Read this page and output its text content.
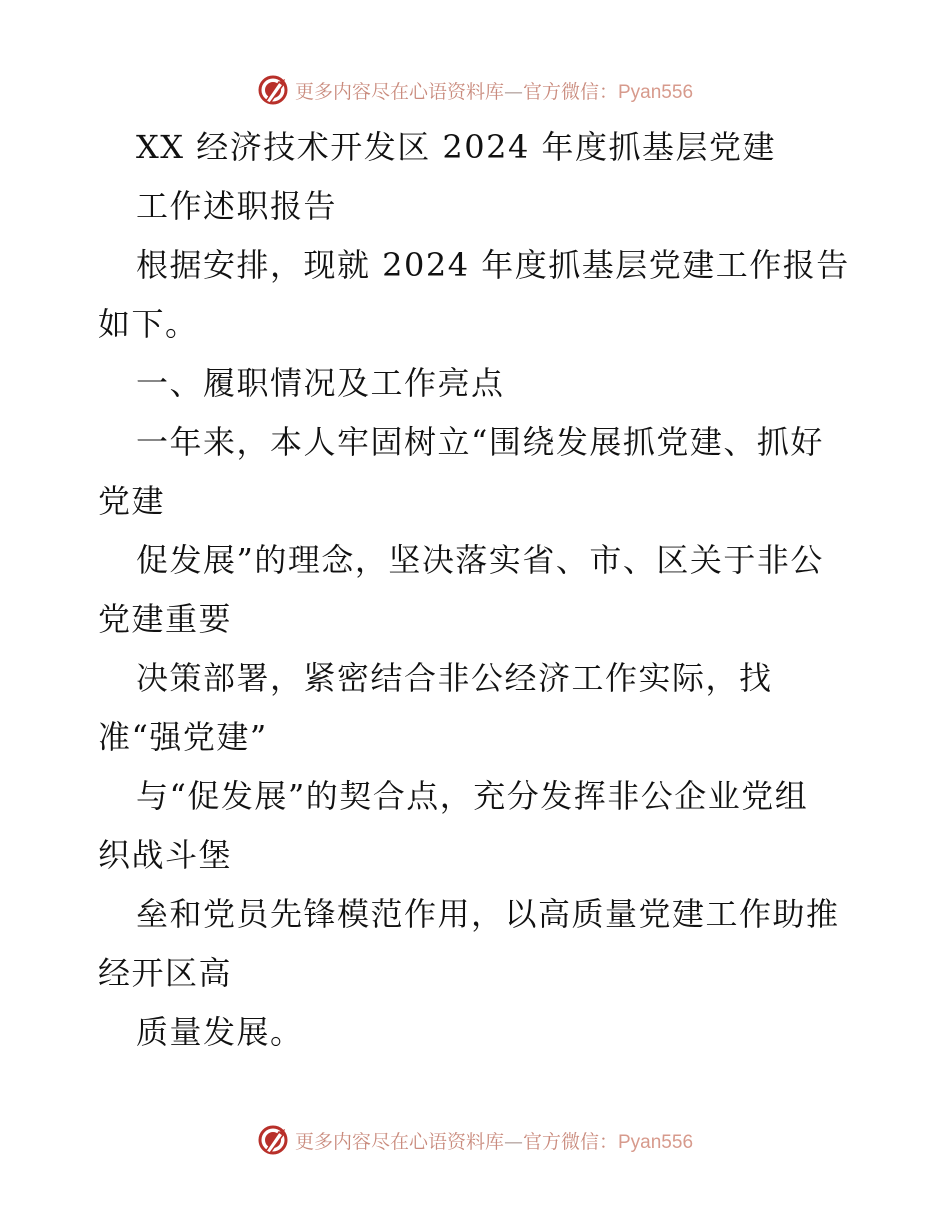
更多内容尽在心语资料库—官方微信：Pyan556
XX 经济技术开发区 2024 年度抓基层党建
工作述职报告
根据安排，现就 2024 年度抓基层党建工作报告
如下。
一、履职情况及工作亮点
一年来，本人牢固树立“围绕发展抓党建、抓好
党建
促发展”的理念，坚决落实省、市、区关于非公
党建重要
决策部署，紧密结合非公经济工作实际，找
准“强党建”
与“促发展”的契合点，充分发挥非公企业党组
织战斗堡
垒和党员先锋模范作用，以高质量党建工作助推
经开区高
质量发展。
更多内容尽在心语资料库—官方微信：Pyan556
